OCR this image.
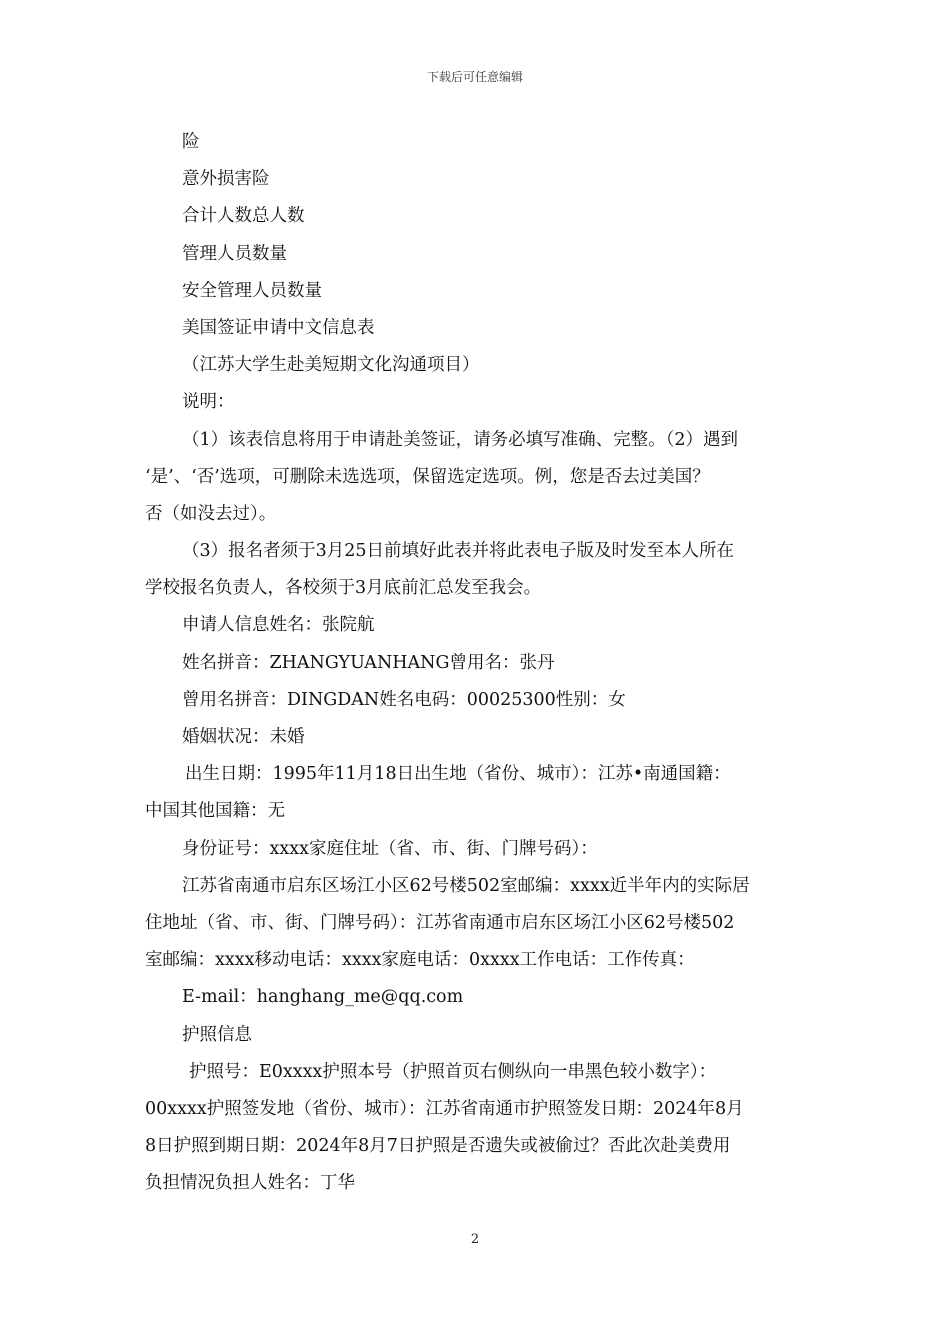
下载后可任意编辑
险
意外损害险
合计人数总人数
管理人员数量
安全管理人员数量
美国签证申请中文信息表
（江苏大学生赴美短期文化沟通项目）
说明：
（1）该表信息将用于申请赴美签证，请务必填写准确、完整。（2）遇到
‘是’、‘否’选项，可删除未选选项，保留选定选项。例，您是否去过美国？
否（如没去过）。
（3）报名者须于3月25日前填好此表并将此表电子版及时发至本人所在
学校报名负责人，各校须于3月底前汇总发至我会。
申请人信息姓名：张院航
姓名拼音：ZHANGYUANHANG曾用名：张丹
曾用名拼音：DINGDAN姓名电码：00025300性别：女
婚姻状况：未婚
出生日期：1995年11月18日出生地（省份、城市）：江苏•南通国籍：
中国其他国籍：无
身份证号：xxxx家庭住址（省、市、街、门牌号码）：
江苏省南通市启东区场江小区62号楼502室邮编：xxxx近半年内的实际居
住地址（省、市、街、门牌号码）：江苏省南通市启东区场江小区62号楼502
室邮编：xxxx移动电话：xxxx家庭电话：0xxxx工作电话：工作传真：
E-mail：hanghang_me@qq.com
护照信息
护照号：E0xxxx护照本号（护照首页右侧纵向一串黑色较小数字）：
00xxxx护照签发地（省份、城市）：江苏省南通市护照签发日期：2024年8月
8日护照到期日期：2024年8月7日护照是否遗失或被偷过？否此次赴美费用
负担情况负担人姓名：丁华
2
